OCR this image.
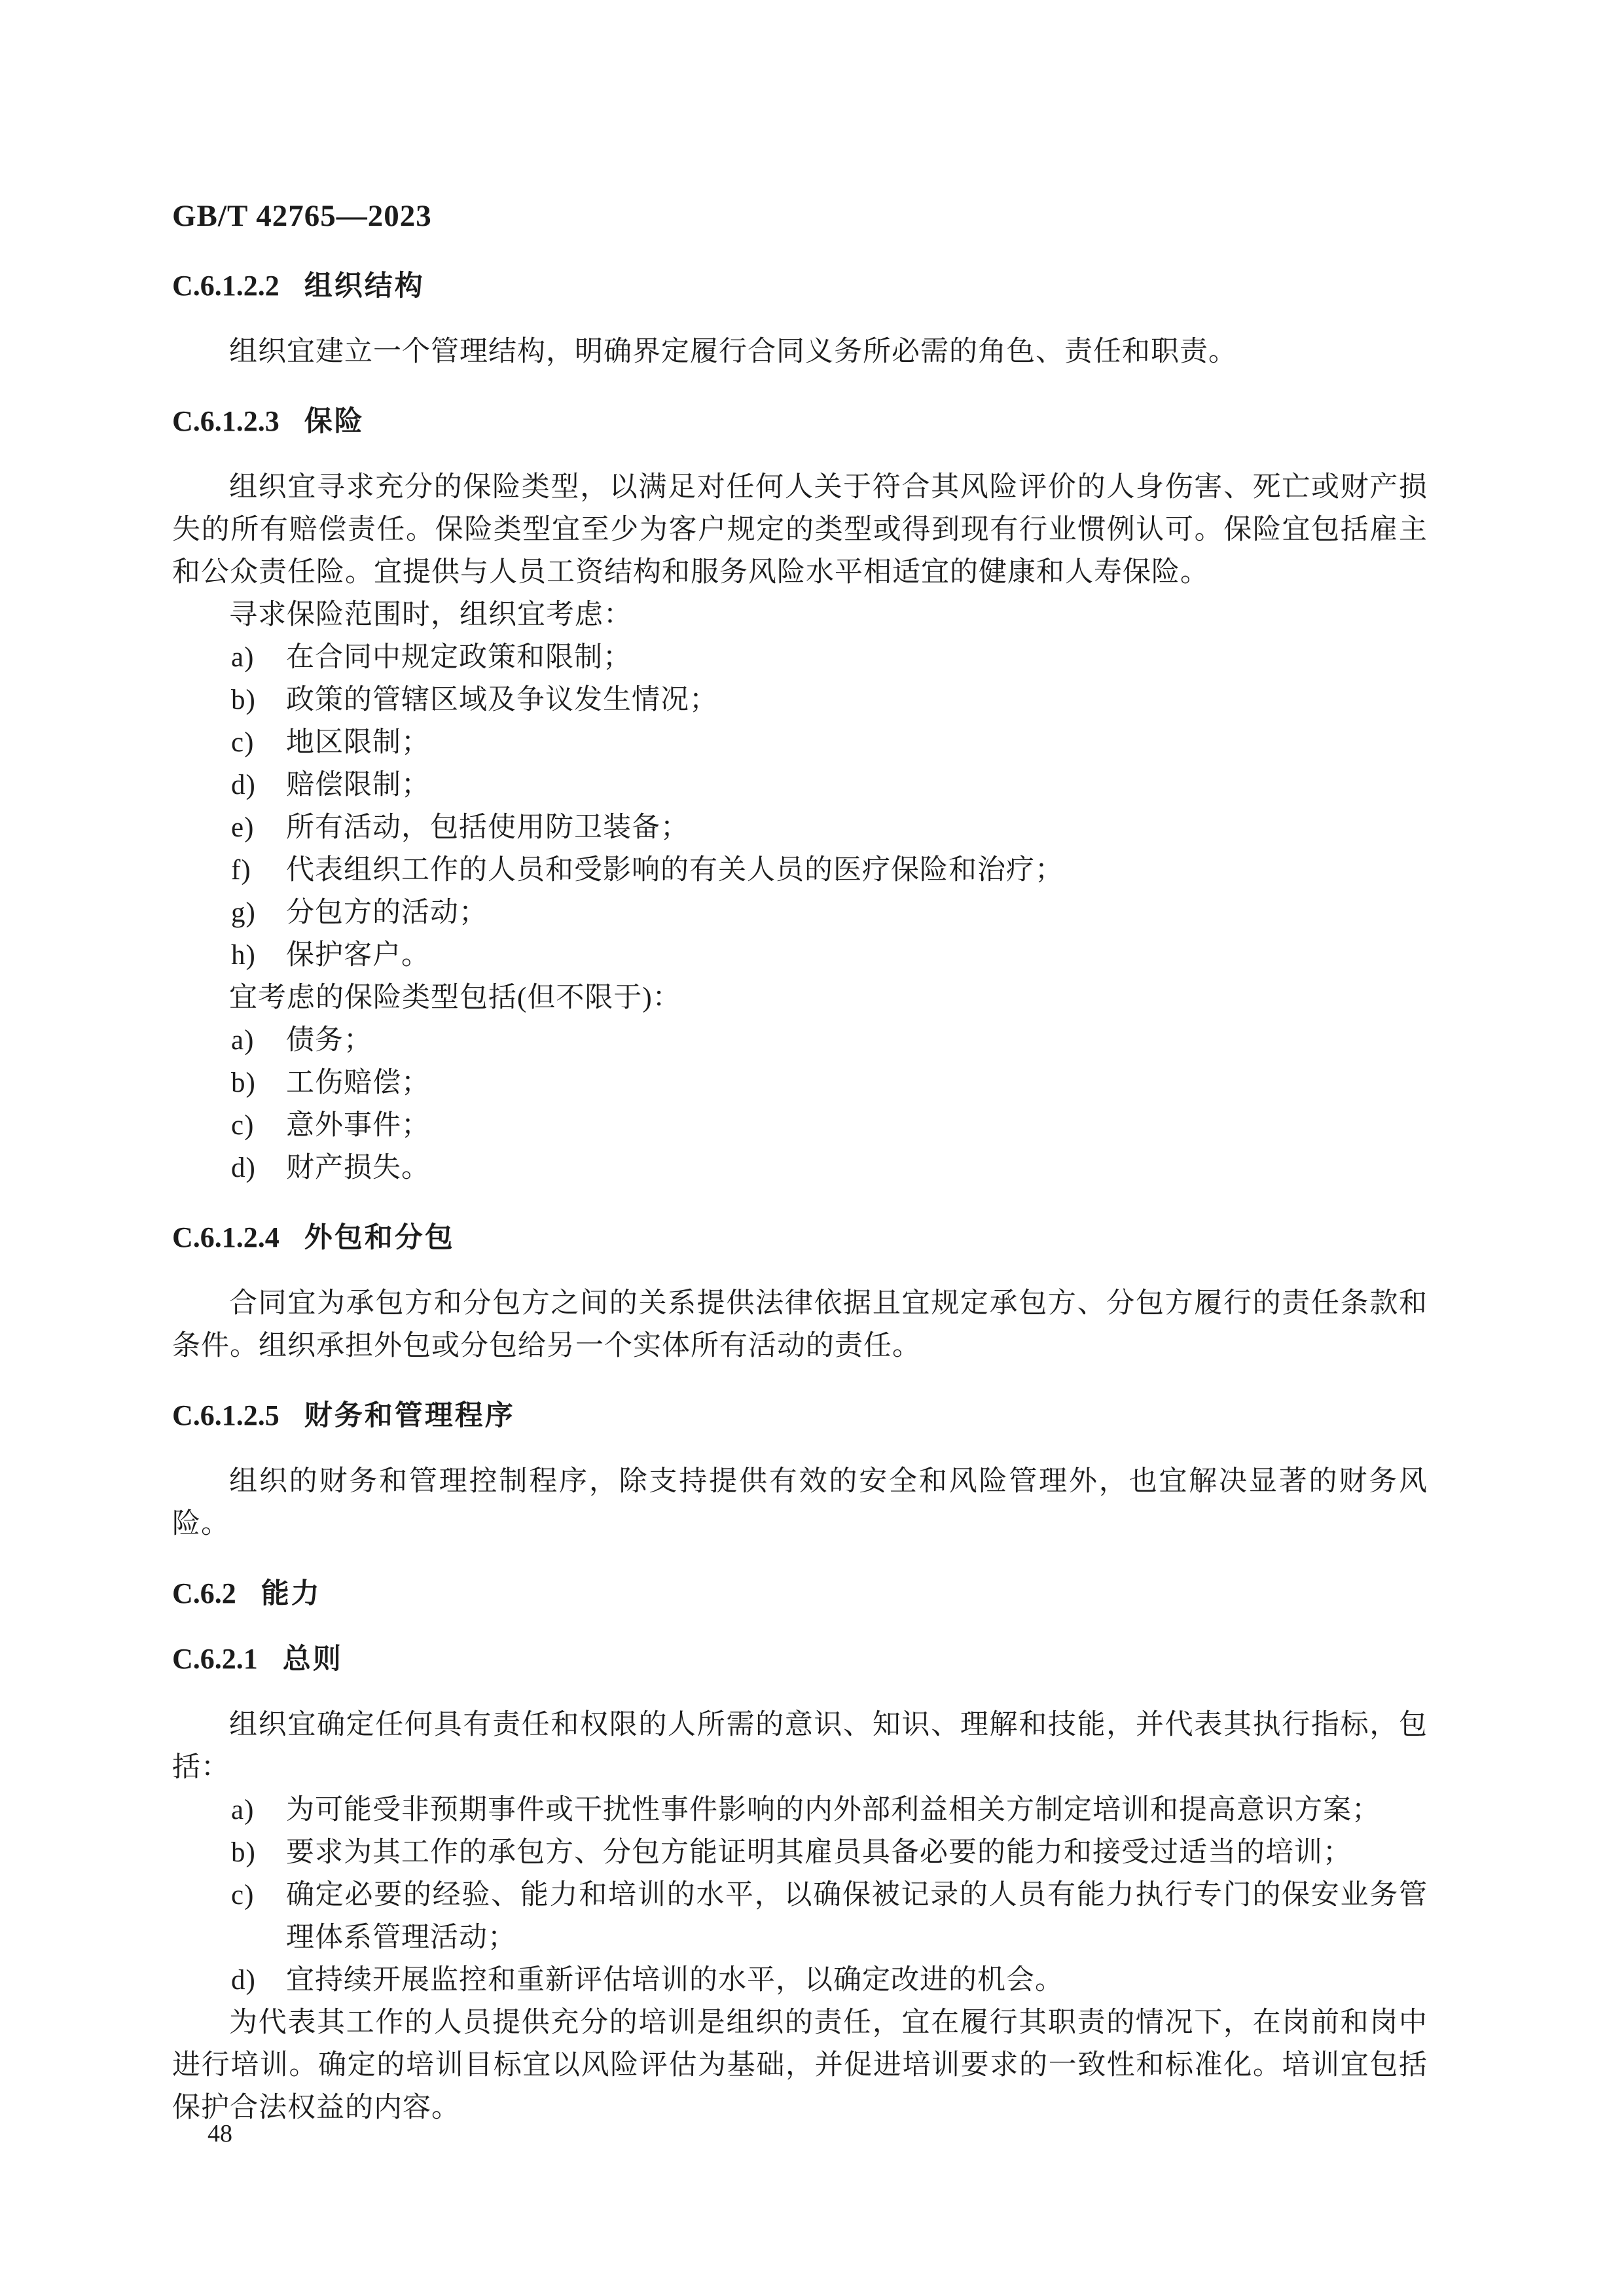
GB/T 42765—2023
C.6.1.2.2 组织结构

组织宜建立一个管理结构，明确界定履行合同义务所必需的角色、责任和职责。

C.6.1.2.3 保险

组织宜寻求充分的保险类型，以满足对任何人关于符合其风险评价的人身伤害、死亡或财产损失的所有赔偿责任。保险类型宜至少为客户规定的类型或得到现有行业惯例认可。保险宜包括雇主和公众责任险。宜提供与人员工资结构和服务风险水平相适宜的健康和人寿保险。

寻求保险范围时，组织宜考虑：

a)	在合同中规定政策和限制；
b)	政策的管辖区域及争议发生情况；
c)	地区限制；
d)	赔偿限制；
e)	所有活动，包括使用防卫装备；
f)	代表组织工作的人员和受影响的有关人员的医疗保险和治疗；
g)	分包方的活动；
h)	保护客户。

宜考虑的保险类型包括(但不限于)：

a)	债务；
b)	工伤赔偿；
c)	意外事件；
d)	财产损失。
C.6.1.2.4 外包和分包

合同宜为承包方和分包方之间的关系提供法律依据且宜规定承包方、分包方履行的责任条款和条件。组织承担外包或分包给另一个实体所有活动的责任。

C.6.1.2.5 财务和管理程序

组织的财务和管理控制程序，除支持提供有效的安全和风险管理外，也宜解决显著的财务风险。

C.6.2 能力
C.6.2.1 总则

组织宜确定任何具有责任和权限的人所需的意识、知识、理解和技能，并代表其执行指标，包括：

a)	为可能受非预期事件或干扰性事件影响的内外部利益相关方制定培训和提高意识方案；
b)	要求为其工作的承包方、分包方能证明其雇员具备必要的能力和接受过适当的培训；
c)	确定必要的经验、能力和培训的水平，以确保被记录的人员有能力执行专门的保安业务管理体系管理活动；
d)	宜持续开展监控和重新评估培训的水平，以确定改进的机会。

为代表其工作的人员提供充分的培训是组织的责任，宜在履行其职责的情况下，在岗前和岗中进行培训。确定的培训目标宜以风险评估为基础，并促进培训要求的一致性和标准化。培训宜包括保护合法权益的内容。

48
